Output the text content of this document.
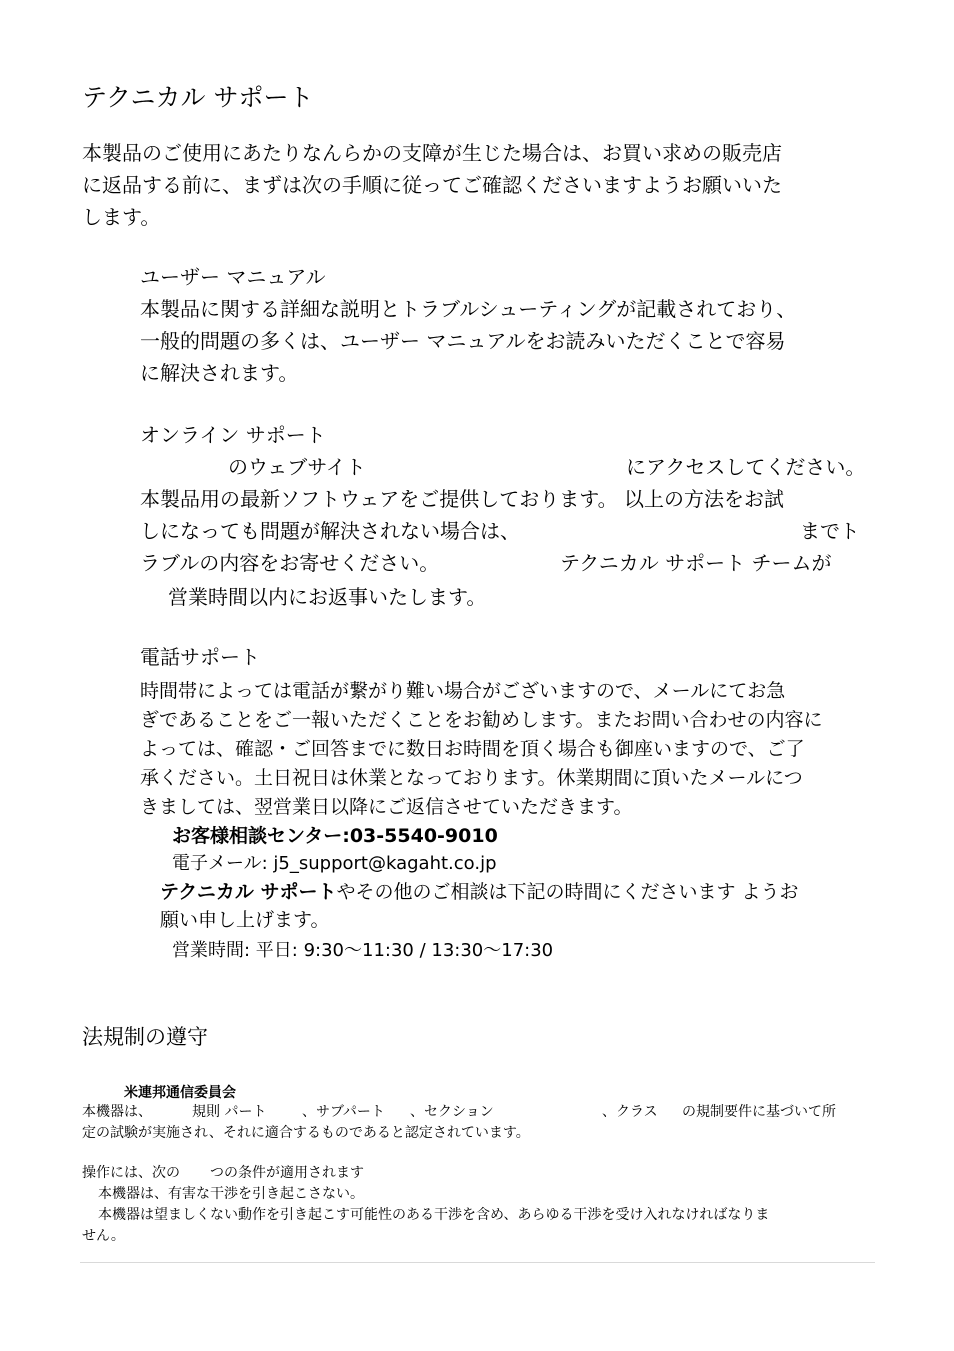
テクニカル サポート
本製品のご使用にあたりなんらかの支障が生じた場合は、お買い求めの販売店
に返品する前に、まずは次の手順に従ってご確認くださいますようお願いいた
します。
ユーザー マニュアル
本製品に関する詳細な説明とトラブルシューティングが記載されており、
一般的問題の多くは、ユーザー マニュアルをお読みいただくことで容易
に解決されます。
オンライン サポート
のウェブサイト	にアクセスしてください。
本製品用の最新ソフトウェアをご提供しております。 以上の方法をお試
しになっても問題が解決されない場合は、	までト
ラブルの内容をお寄せください。	テクニカル サポート チームが
営業時間以内にお返事いたします。
電話サポート
時間帯によっては電話が繋がり難い場合がございますので、メールにてお急
ぎであることをご一報いただくことをお勧めします。またお問い合わせの内容に
よっては、確認・ご回答までに数日お時間を頂く場合も御座いますので、ご了
承ください。土日祝日は休業となっております。休業期間に頂いたメールにつ
きましては、翌営業日以降にご返信させていただきます。
お客様相談センター:03-5540-9010
電子メール: j5_support@kagaht.co.jp
テクニカル サポートやその他のご相談は下記の時間にくださいます ようお
願い申し上げます。
営業時間: 平日: 9:30～11:30 / 13:30～17:30
法規制の遵守
米連邦通信委員会
本機器は、	規則 パート	、サブパート 、セクション	、クラス の規制要件に基づいて所
定の試験が実施され、それに適合するものであると認定されています。
操作には、次の つの条件が適用されます
本機器は、有害な干渉を引き起こさない。
本機器は望ましくない動作を引き起こす可能性のある干渉を含め、あらゆる干渉を受け入れなければなりま
せん。
